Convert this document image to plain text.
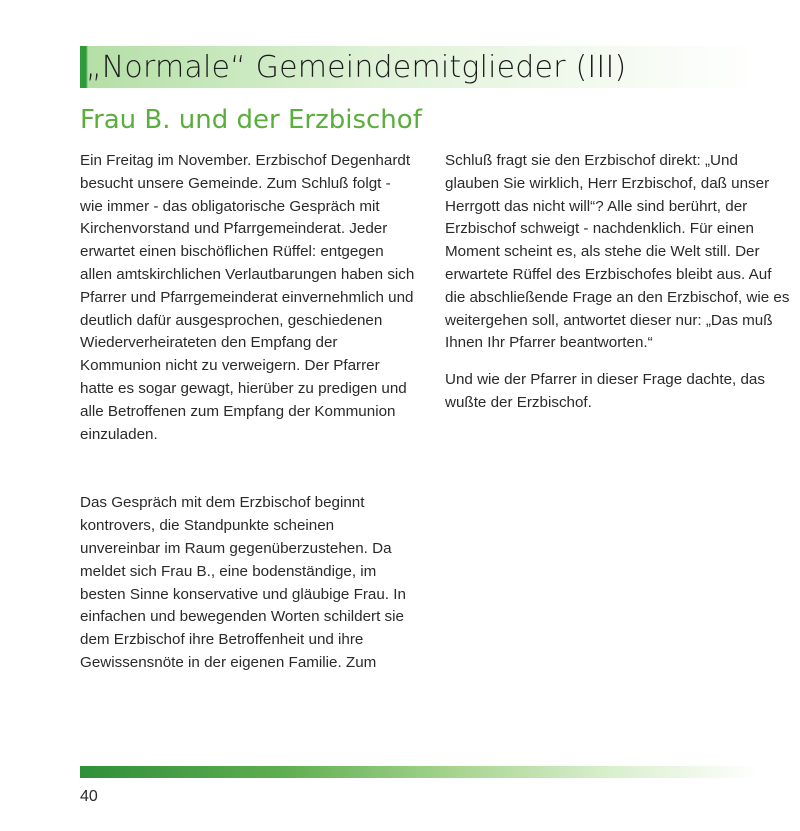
„Normale“ Gemeindemitglieder (III)
Frau B. und der Erzbischof

Ein Freitag im November. Erzbischof Degenhardt besucht unsere Gemeinde. Zum Schluß folgt - wie immer - das obligatorische Gespräch mit Kirchenvorstand und Pfarrgemeinderat. Jeder erwartet einen bischöflichen Rüffel: entgegen allen amtskirchlichen Verlautbarungen haben sich Pfarrer und Pfarrgemeinderat einvernehmlich und deutlich dafür ausgesprochen, geschiedenen Wiederverheirateten den Empfang der Kommunion nicht zu verweigern. Der Pfarrer hatte es sogar gewagt, hierüber zu predigen und alle Betroffenen zum Empfang der Kommunion einzuladen.

Das Gespräch mit dem Erzbischof beginnt kontrovers, die Standpunkte scheinen unvereinbar im Raum gegenüberzustehen. Da meldet sich Frau B., eine bodenständige, im besten Sinne konservative und gläubige Frau. In einfachen und bewegenden Worten schildert sie dem Erzbischof ihre Betroffenheit und ihre Gewissensnöte in der eigenen Familie. Zum

Schluß fragt sie den Erzbischof direkt: „Und glauben Sie wirklich, Herr Erzbischof, daß unser Herrgott das nicht will“? Alle sind berührt, der Erzbischof schweigt - nachdenklich. Für einen Moment scheint es, als stehe die Welt still. Der erwartete Rüffel des Erzbischofes bleibt aus. Auf die abschließende Frage an den Erzbischof, wie es weitergehen soll, antwortet dieser nur: „Das muß Ihnen Ihr Pfarrer beantworten.“

Und wie der Pfarrer in dieser Frage dachte, das wußte der Erzbischof.

40
